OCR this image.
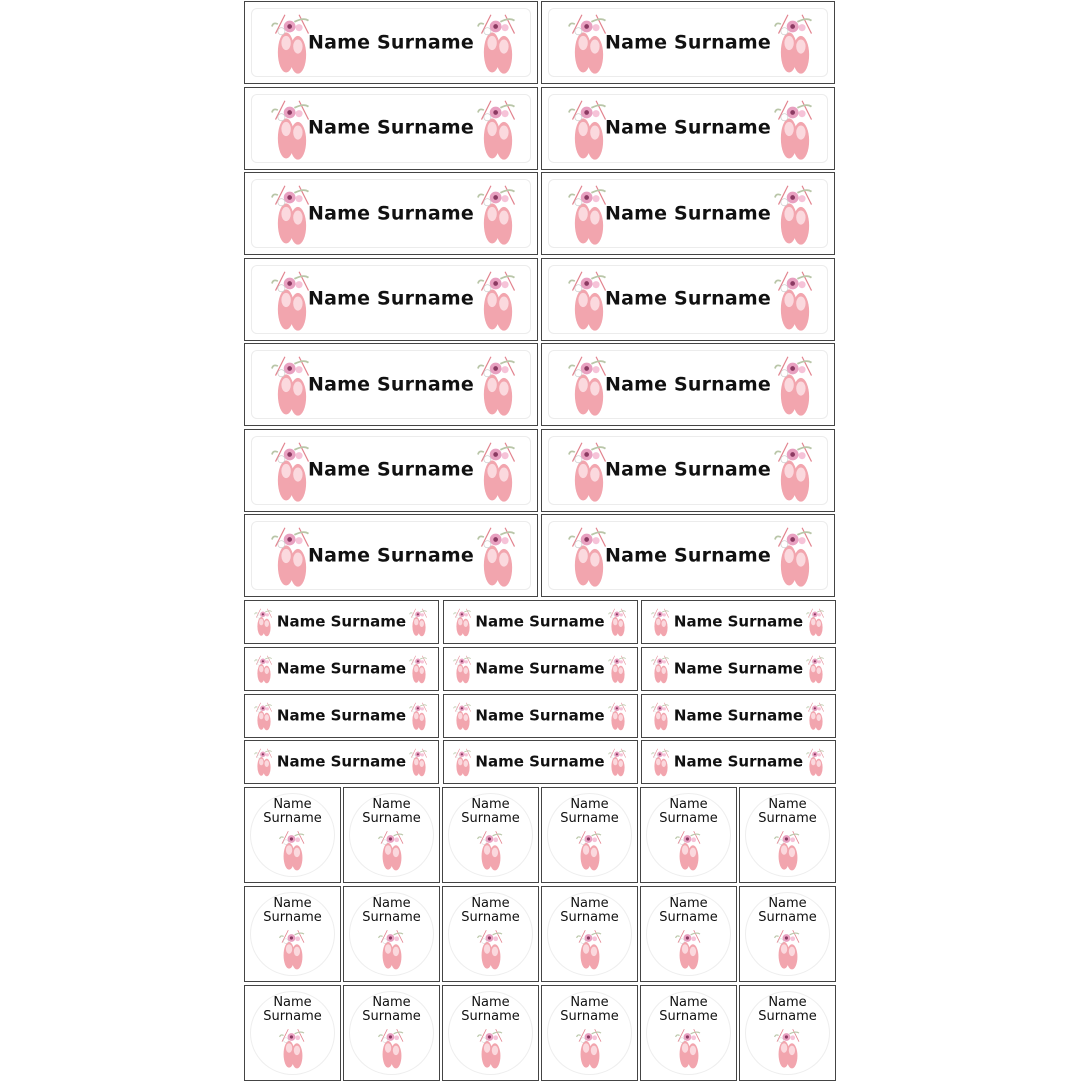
Name Surname	Name Surname
Name Surname	Name Surname
Name Surname	Name Surname
Name Surname	Name Surname
Name Surname	Name Surname
Name Surname	Name Surname
Name Surname	Name Surname
Name Surname	Name Surname	Name Surname
Name Surname	Name Surname	Name Surname
Name Surname	Name Surname	Name Surname
Name Surname	Name Surname	Name Surname
Name
Surname
Name
Surname
Name
Surname
Name
Surname
Name
Surname
Name
Surname
Name
Surname
Name
Surname
Name
Surname
Name
Surname
Name
Surname
Name
Surname
Name
Surname
Name
Surname
Name
Surname
Name
Surname
Name
Surname
Name
Surname
